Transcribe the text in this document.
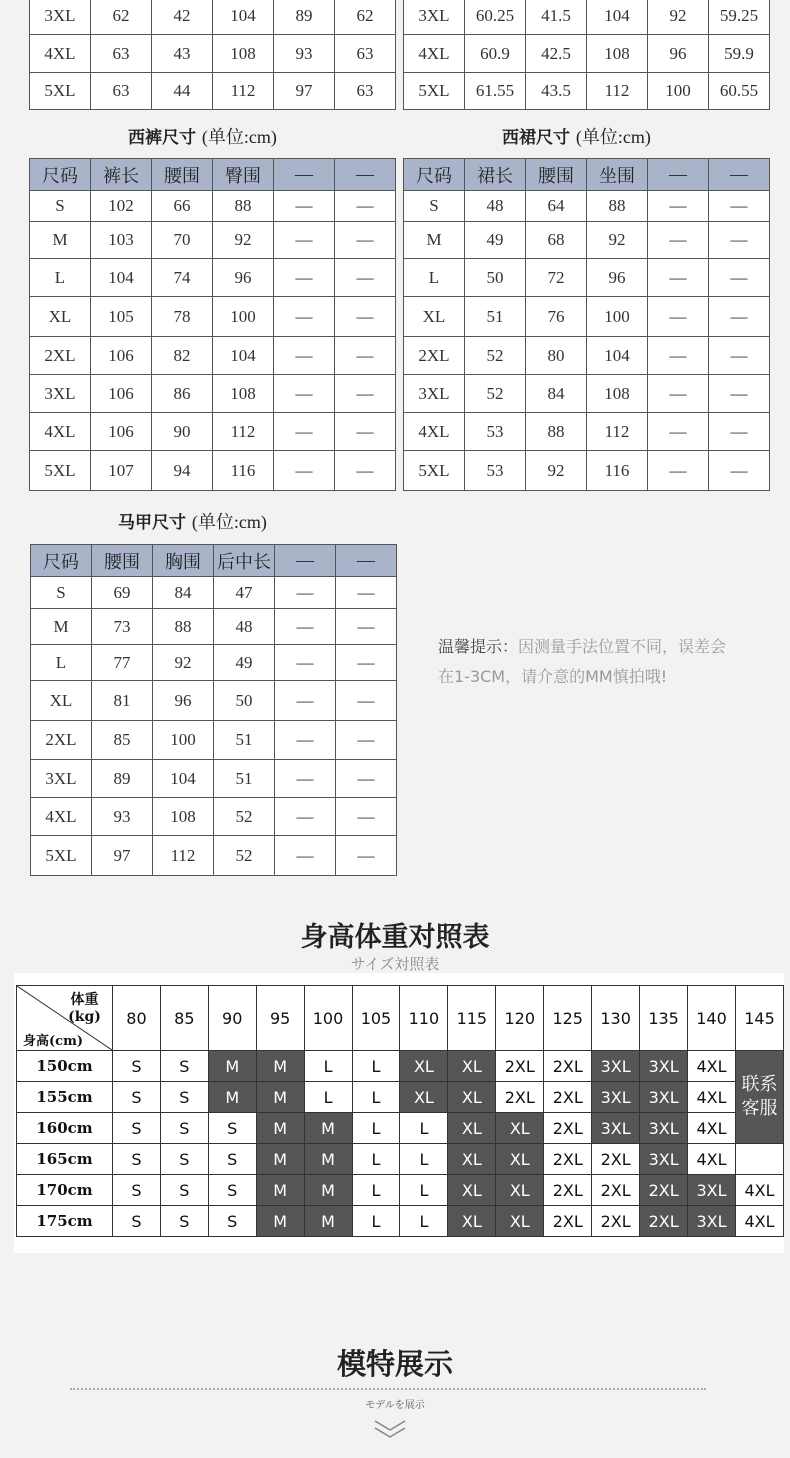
3XL	62	42	104	89	62
4XL	63	43	108	93	63
5XL	63	44	112	97	63
3XL	60.25	41.5	104	92	59.25
4XL	60.9	42.5	108	96	59.9
5XL	61.55	43.5	112	100	60.55
西裤尺寸 (单位:cm)
尺码	裤长	腰围	臀围	—	—
S	102	66	88	—	—
M	103	70	92	—	—
L	104	74	96	—	—
XL	105	78	100	—	—
2XL	106	82	104	—	—
3XL	106	86	108	—	—
4XL	106	90	112	—	—
5XL	107	94	116	—	—
西裙尺寸 (单位:cm)
尺码	裙长	腰围	坐围	—	—
S	48	64	88	—	—
M	49	68	92	—	—
L	50	72	96	—	—
XL	51	76	100	—	—
2XL	52	80	104	—	—
3XL	52	84	108	—	—
4XL	53	88	112	—	—
5XL	53	92	116	—	—
马甲尺寸 (单位:cm)
尺码	腰围	胸围	后中长	—	—
S	69	84	47	—	—
M	73	88	48	—	—
L	77	92	49	—	—
XL	81	96	50	—	—
2XL	85	100	51	—	—
3XL	89	104	51	—	—
4XL	93	108	52	—	—
5XL	97	112	52	—	—
温馨提示：因测量手法位置不同，误差会在1-3CM，请介意的MM慎拍哦!
身高体重对照表
サイズ対照表
体重(kg)
身高(cm)	80	85	90	95	100	105	110	115	120	125	130	135	140	145
150cm	S	S	M	M	L	L	XL	XL	2XL	2XL	3XL	3XL	4XL	联系客服
155cm	S	S	M	M	L	L	XL	XL	2XL	2XL	3XL	3XL	4XL	
160cm	S	S	S	M	M	L	L	XL	XL	2XL	3XL	3XL	4XL	
165cm	S	S	S	M	M	L	L	XL	XL	2XL	2XL	3XL	4XL	
170cm	S	S	S	M	M	L	L	XL	XL	2XL	2XL	2XL	3XL	4XL
175cm	S	S	S	M	M	L	L	XL	XL	2XL	2XL	2XL	3XL	4XL
模特展示
モデルを展示
